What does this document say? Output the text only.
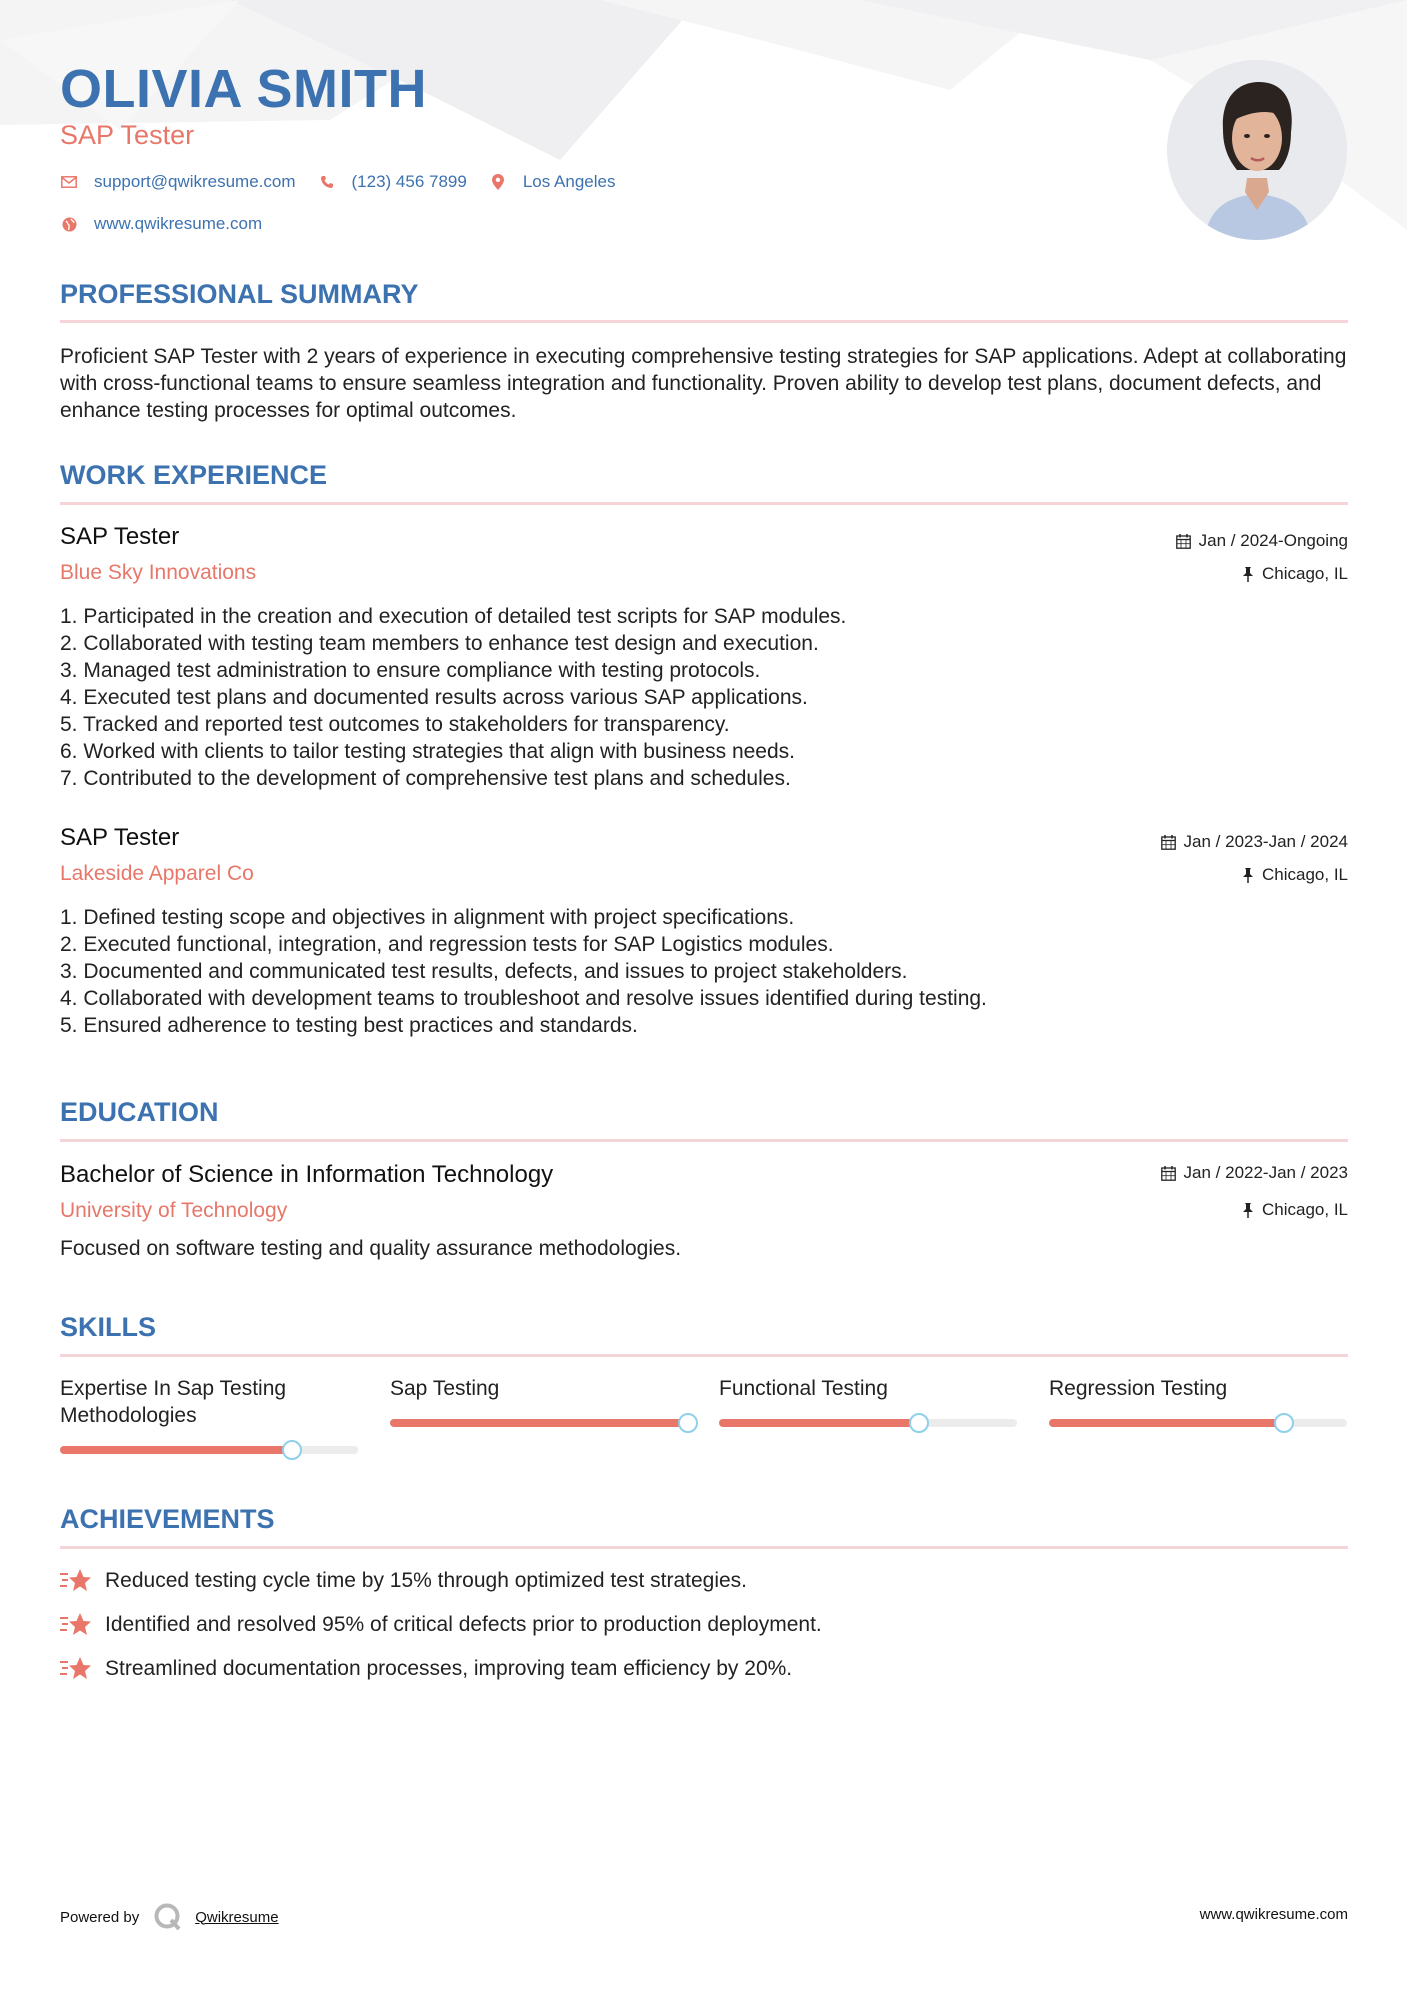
OLIVIA SMITH
SAP Tester
support@qwikresume.com	(123) 456 7899	Los Angeles
www.qwikresume.com
PROFESSIONAL SUMMARY

Proficient SAP Tester with 2 years of experience in executing comprehensive testing strategies for SAP applications. Adept at collaborating with cross-functional teams to ensure seamless integration and functionality. Proven ability to develop test plans, document defects, and enhance testing processes for optimal outcomes.

WORK EXPERIENCE
SAP Tester
Blue Sky Innovations
Jan / 2024-Ongoing
Chicago, IL
1. Participated in the creation and execution of detailed test scripts for SAP modules.
2. Collaborated with testing team members to enhance test design and execution.
3. Managed test administration to ensure compliance with testing protocols.
4. Executed test plans and documented results across various SAP applications.
5. Tracked and reported test outcomes to stakeholders for transparency.
6. Worked with clients to tailor testing strategies that align with business needs.
7. Contributed to the development of comprehensive test plans and schedules.
SAP Tester
Lakeside Apparel Co
Jan / 2023-Jan / 2024
Chicago, IL
1. Defined testing scope and objectives in alignment with project specifications.
2. Executed functional, integration, and regression tests for SAP Logistics modules.
3. Documented and communicated test results, defects, and issues to project stakeholders.
4. Collaborated with development teams to troubleshoot and resolve issues identified during testing.
5. Ensured adherence to testing best practices and standards.
EDUCATION
Bachelor of Science in Information Technology
University of Technology
Jan / 2022-Jan / 2023
Chicago, IL

Focused on software testing and quality assurance methodologies.

SKILLS
Expertise In Sap Testing Methodologies
Sap Testing	Functional Testing	Regression Testing
ACHIEVEMENTS
Reduced testing cycle time by 15% through optimized test strategies.
Identified and resolved 95% of critical defects prior to production deployment.
Streamlined documentation processes, improving team efficiency by 20%.
Powered by	Qwikresume	www.qwikresume.com
